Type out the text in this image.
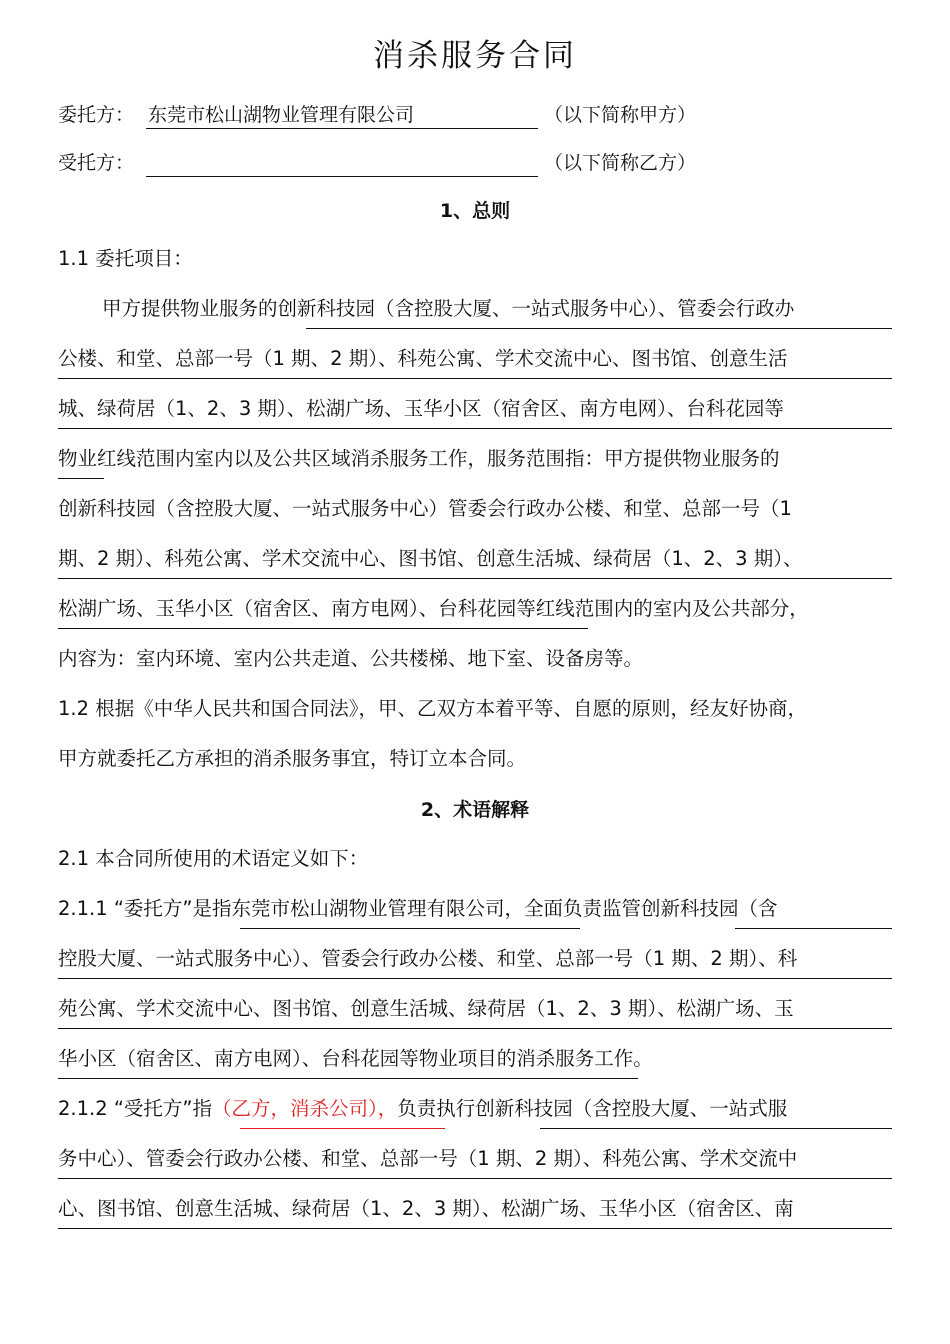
消杀服务合同
委托方： 东莞市松山湖物业管理有限公司	（以下简称甲方）
受托方：	（以下简称乙方）
1、总则
1.1 委托项目：
甲方提供物业服务的创新科技园（含控股大厦、一站式服务中心）、管委会行政办
公楼、和堂、总部一号（1 期、2 期）、科苑公寓、学术交流中心、图书馆、创意生活
城、绿荷居（1、2、3 期）、松湖广场、玉华小区（宿舍区、南方电网）、台科花园等
物业红线范围内室内以及公共区域消杀服务工作，服务范围指：甲方提供物业服务的
创新科技园（含控股大厦、一站式服务中心）管委会行政办公楼、和堂、总部一号（1
期、2 期）、科苑公寓、学术交流中心、图书馆、创意生活城、绿荷居（1、2、3 期）、
松湖广场、玉华小区（宿舍区、南方电网）、台科花园等红线范围内的室内及公共部分，
内容为：室内环境、室内公共走道、公共楼梯、地下室、设备房等。
1.2 根据《中华人民共和国合同法》，甲、乙双方本着平等、自愿的原则，经友好协商，
甲方就委托乙方承担的消杀服务事宜，特订立本合同。
2、术语解释
2.1 本合同所使用的术语定义如下：
2.1.1 “委托方”是指东莞市松山湖物业管理有限公司，全面负责监管创新科技园（含
控股大厦、一站式服务中心）、管委会行政办公楼、和堂、总部一号（1 期、2 期）、科
苑公寓、学术交流中心、图书馆、创意生活城、绿荷居（1、2、3 期）、松湖广场、玉
华小区（宿舍区、南方电网）、台科花园等物业项目的消杀服务工作。
2.1.2 “受托方”指（乙方，消杀公司），负责执行创新科技园（含控股大厦、一站式服
务中心）、管委会行政办公楼、和堂、总部一号（1 期、2 期）、科苑公寓、学术交流中
心、图书馆、创意生活城、绿荷居（1、2、3 期）、松湖广场、玉华小区（宿舍区、南
